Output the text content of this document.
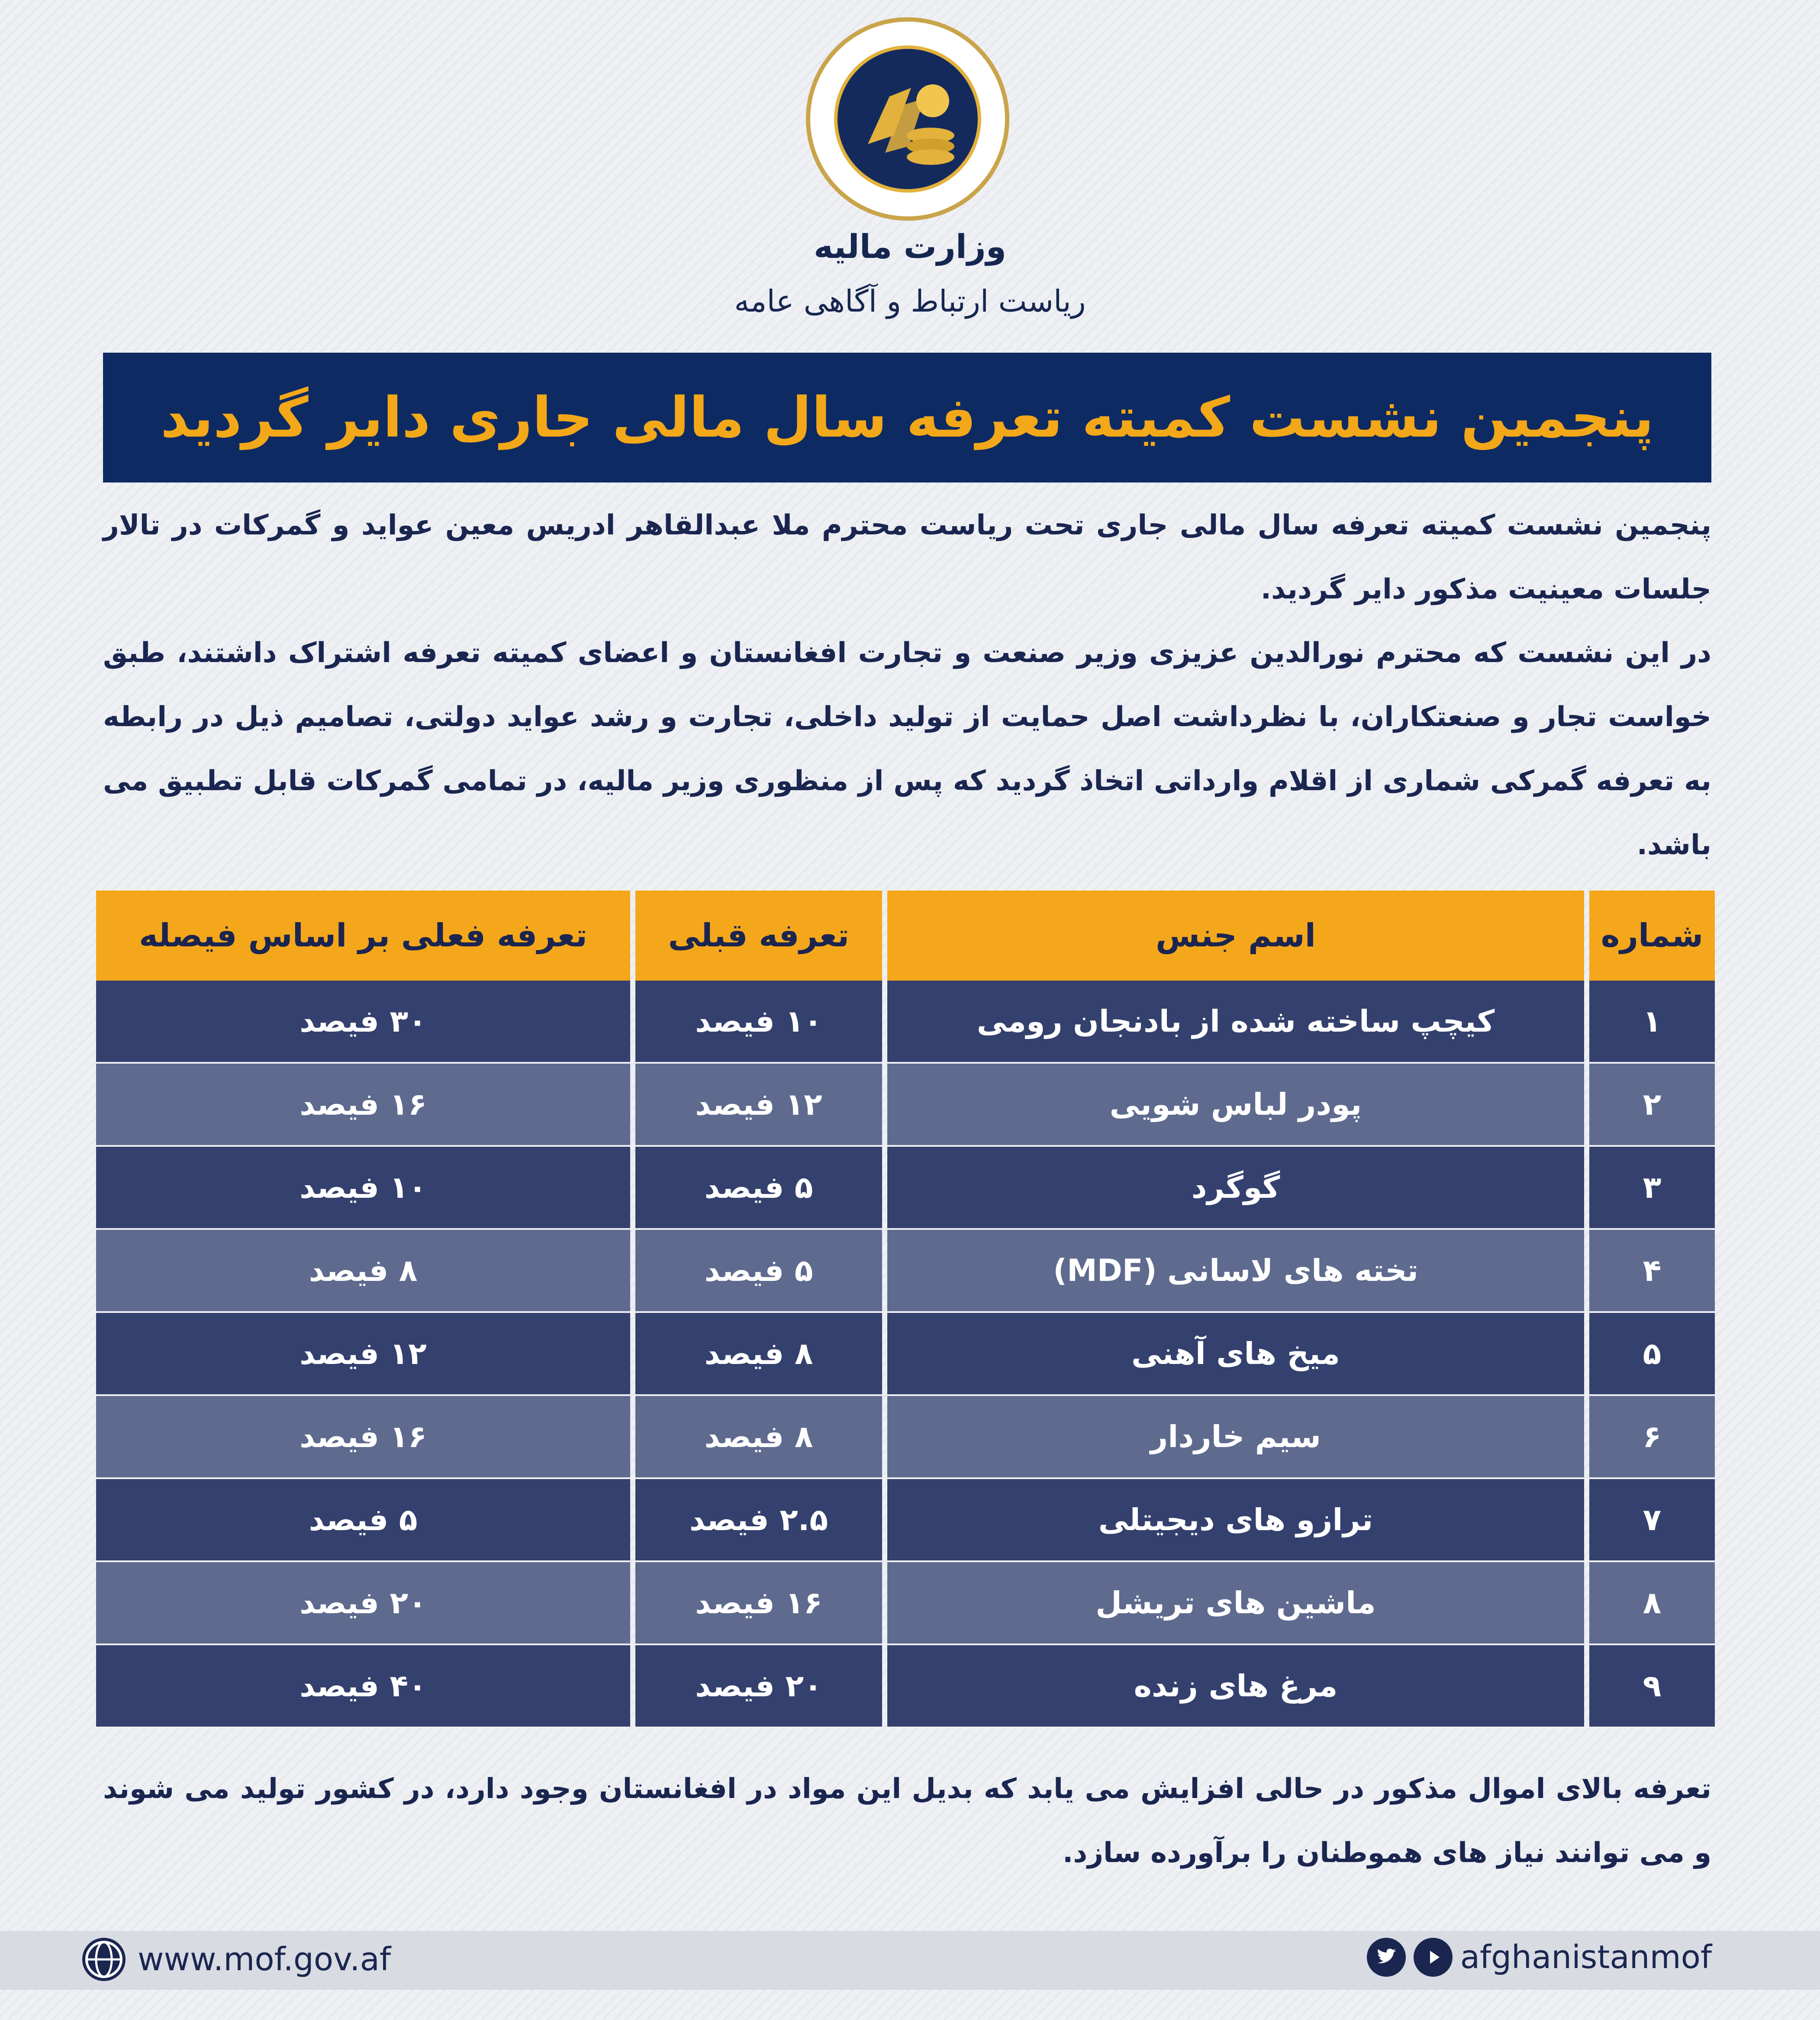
وزارت مالیه
ریاست ارتباط و آگاهی عامه
پنجمین نشست کمیته تعرفه سال مالی جاری دایر گردید

پنجمین نشست کمیته تعرفه سال مالی جاری تحت ریاست محترم ملا عبدالقاهر ادریس معین عواید و گمرکات در تالار جلسات معینیت مذکور دایر گردید.

در این نشست که محترم نورالدین عزیزی وزیر صنعت و تجارت افغانستان و اعضای کمیته تعرفه اشتراک داشتند، طبق خواست تجار و صنعتکاران، با نظرداشت اصل حمایت از تولید داخلی، تجارت و رشد عواید دولتی، تصامیم ذیل در رابطه به تعرفه گمرکی شماری از اقلام وارداتی اتخاذ گردید که پس از منظوری وزیر مالیه، در تمامی گمرکات قابل تطبیق می باشد.

شماره	اسم جنس	تعرفه قبلی	تعرفه فعلی بر اساس فیصله
۱	کیچپ ساخته شده از بادنجان رومی	۱۰ فیصد	۳۰ فیصد
۲	پودر لباس شویی	۱۲ فیصد	۱۶ فیصد
۳	گوگرد	۵ فیصد	۱۰ فیصد
۴	تخته های لاسانی (MDF)	۵ فیصد	۸ فیصد
۵	میخ های آهنی	۸ فیصد	۱۲ فیصد
۶	سیم خاردار	۸ فیصد	۱۶ فیصد
۷	ترازو های دیجیتلی	۲.۵ فیصد	۵ فیصد
۸	ماشین های تریشل	۱۶ فیصد	۲۰ فیصد
۹	مرغ های زنده	۲۰ فیصد	۴۰ فیصد

تعرفه بالای اموال مذکور در حالی افزایش می یابد که بدیل این مواد در افغانستان وجود دارد، در کشور تولید می شوند و می توانند نیاز های هموطنان را برآورده سازد.

www.mof.gov.af	afghanistanmof
